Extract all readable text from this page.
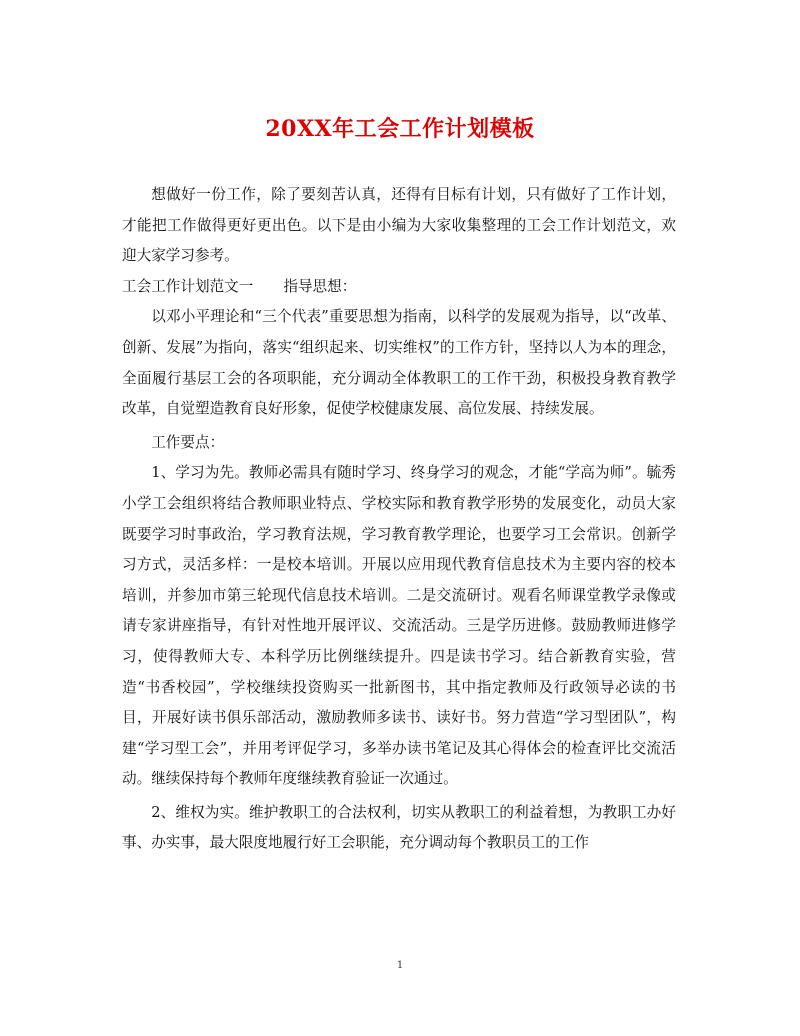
20XX年工会工作计划模板

想做好一份工作，除了要刻苦认真，还得有目标有计划，只有做好了工作计划，才能把工作做得更好更出色。以下是由小编为大家收集整理的工会工作计划范文，欢迎大家学习参考。

工会工作计划范文一 指导思想：

以邓小平理论和“三个代表”重要思想为指南，以科学的发展观为指导，以“改革、创新、发展”为指向，落实“组织起来、切实维权”的工作方针，坚持以人为本的理念，全面履行基层工会的各项职能，充分调动全体教职工的工作干劲，积极投身教育教学改革，自觉塑造教育良好形象，促使学校健康发展、高位发展、持续发展。

工作要点：

1、学习为先。教师必需具有随时学习、终身学习的观念，才能“学高为师”。毓秀小学工会组织将结合教师职业特点、学校实际和教育教学形势的发展变化，动员大家既要学习时事政治，学习教育法规，学习教育教学理论，也要学习工会常识。创新学习方式，灵活多样：一是校本培训。开展以应用现代教育信息技术为主要内容的校本培训，并参加市第三轮现代信息技术培训。二是交流研讨。观看名师课堂教学录像或请专家讲座指导，有针对性地开展评议、交流活动。三是学历进修。鼓励教师进修学习，使得教师大专、本科学历比例继续提升。四是读书学习。结合新教育实验，营造“书香校园”，学校继续投资购买一批新图书，其中指定教师及行政领导必读的书目，开展好读书俱乐部活动，激励教师多读书、读好书。努力营造“学习型团队”，构建“学习型工会”，并用考评促学习，多举办读书笔记及其心得体会的检查评比交流活动。继续保持每个教师年度继续教育验证一次通过。

2、维权为实。维护教职工的合法权利，切实从教职工的利益着想，为教职工办好事、办实事，最大限度地履行好工会职能，充分调动每个教职员工的工作

1
